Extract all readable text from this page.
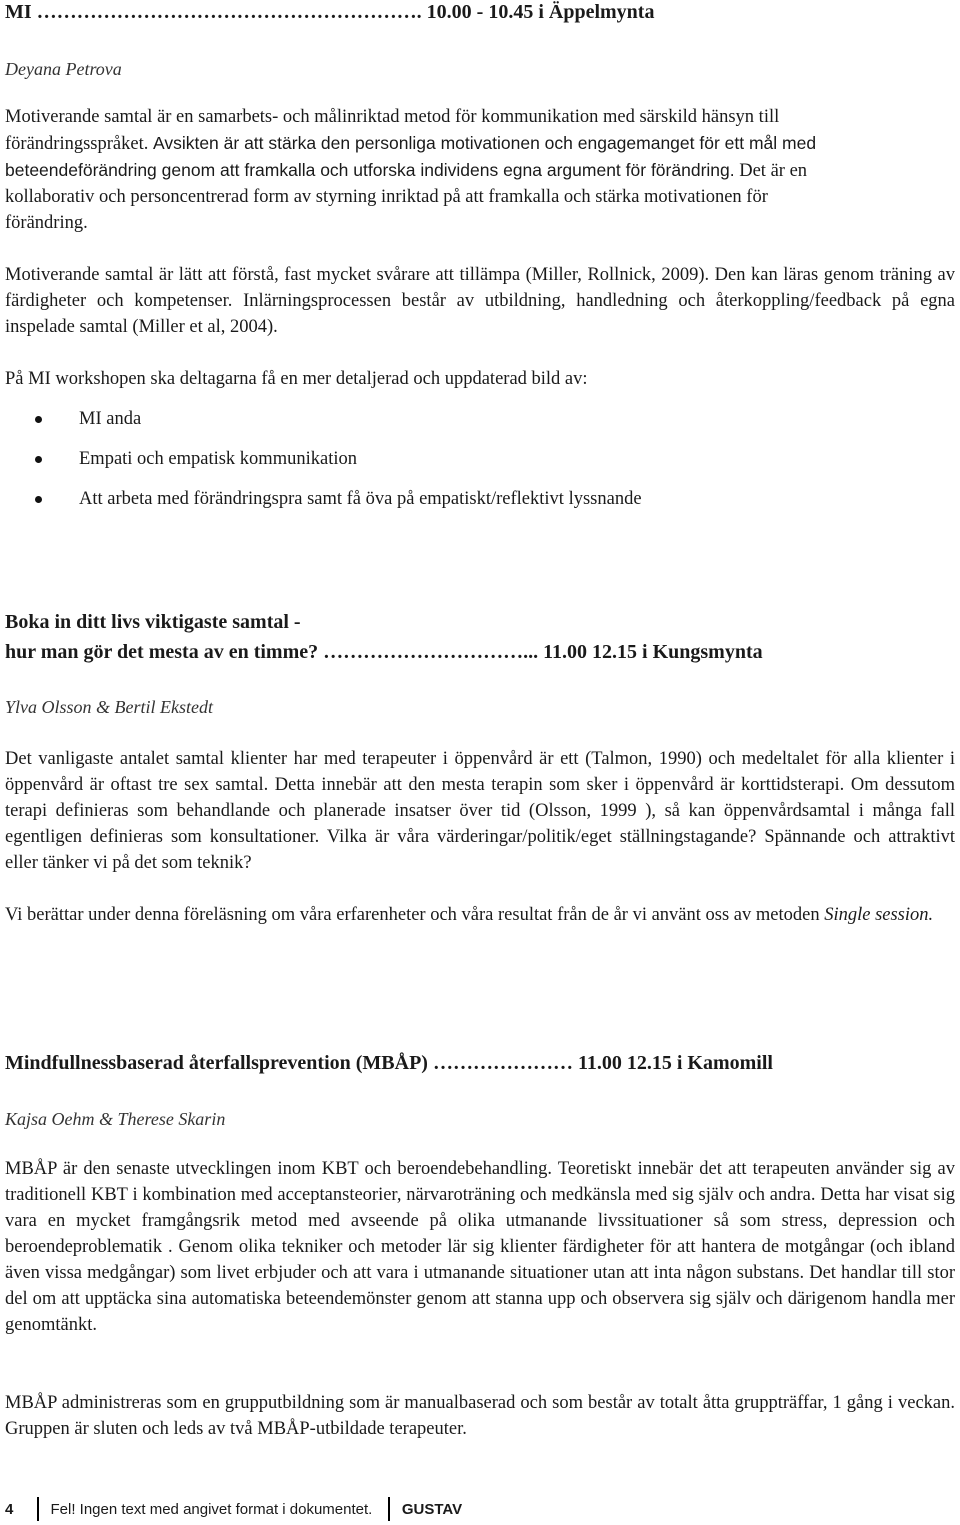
MI …………………………………………………. 10.00 - 10.45 i Äppelmynta
Deyana Petrova
Motiverande samtal är en samarbets- och målinriktad metod för kommunikation med särskild hänsyn till
förändringsspråket. Avsikten är att stärka den personliga motivationen och engagemanget för ett mål med
beteendeförändring genom att framkalla och utforska individens egna argument för förändring. Det är en
kollaborativ och personcentrerad form av styrning inriktad på att framkalla och stärka motivationen för
förändring.
Motiverande samtal är lätt att förstå, fast mycket svårare att tillämpa (Miller, Rollnick, 2009). Den kan läras genom träning av färdigheter och kompetenser. Inlärningsprocessen består av utbildning, handledning och återkoppling/feedback på egna inspelade samtal (Miller et al, 2004).
På MI workshopen ska deltagarna få en mer detaljerad och uppdaterad bild av:
MI anda
Empati och empatisk kommunikation
Att arbeta med förändringspra samt få öva på empatiskt/reflektivt lyssnande
Boka in ditt livs viktigaste samtal -
hur man gör det mesta av en timme? …………………………... 11.00 12.15 i Kungsmynta
Ylva Olsson & Bertil Ekstedt
Det vanligaste antalet samtal klienter har med terapeuter i öppenvård är ett (Talmon, 1990) och medeltalet för alla klienter i öppenvård är oftast tre sex samtal. Detta innebär att den mesta terapin som sker i öppenvård är korttidsterapi. Om dessutom terapi definieras som behandlande och planerade insatser över tid (Olsson, 1999 ), så kan öppenvårdsamtal i många fall egentligen definieras som konsultationer. Vilka är våra värderingar/politik/eget ställningstagande? Spännande och attraktivt eller tänker vi på det som teknik?
Vi berättar under denna föreläsning om våra erfarenheter och våra resultat från de år vi använt oss av metoden Single session.
Mindfullnessbaserad återfallsprevention (MBÅP) ………………… 11.00 12.15 i Kamomill
Kajsa Oehm & Therese Skarin
MBÅP är den senaste utvecklingen inom KBT och beroendebehandling. Teoretiskt innebär det att terapeuten använder sig av traditionell KBT i kombination med acceptansteorier, närvaroträning och medkänsla med sig själv och andra. Detta har visat sig vara en mycket framgångsrik metod med avseende på olika utmanande livssituationer så som stress, depression och beroendeproblematik . Genom olika tekniker och metoder lär sig klienter färdigheter för att hantera de motgångar (och ibland även vissa medgångar) som livet erbjuder och att vara i utmanande situationer utan att inta någon substans. Det handlar till stor del om att upptäcka sina automatiska beteendemönster genom att stanna upp och observera sig själv och därigenom handla mer genomtänkt.
MBÅP administreras som en grupputbildning som är manualbaserad och som består av totalt åtta gruppträffar, 1 gång i veckan. Gruppen är sluten och leds av två MBÅP-utbildade terapeuter.
4	Fel! Ingen text med angivet format i dokumentet. GUSTAV
